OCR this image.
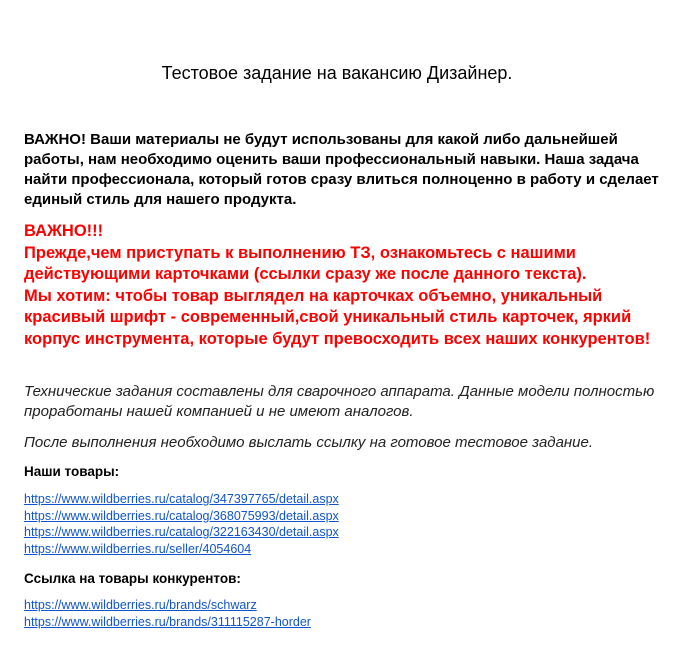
Тестовое задание на вакансию Дизайнер.

ВАЖНО! Ваши материалы не будут использованы для какой либо дальнейшей работы, нам необходимо оценить ваши профессиональный навыки. Наша задача найти профессионала, который готов сразу влиться полноценно в работу и сделает единый стиль для нашего продукта.

ВАЖНО!!!
Прежде,чем приступать к выполнению ТЗ, ознакомьтесь с нашими действующими карточками (ссылки сразу же после данного текста).
Мы хотим: чтобы товар выглядел на карточках объемно, уникальный красивый шрифт - современный,свой уникальный стиль карточек, яркий корпус инструмента, которые будут превосходить всех наших конкурентов!

Технические задания составлены для сварочного аппарата. Данные модели полностью проработаны нашей компанией и не имеют аналогов.

После выполнения необходимо выслать ссылку на готовое тестовое задание.

Наши товары:

https://www.wildberries.ru/catalog/347397765/detail.aspx
https://www.wildberries.ru/catalog/368075993/detail.aspx
https://www.wildberries.ru/catalog/322163430/detail.aspx
https://www.wildberries.ru/seller/4054604

Ссылка на товары конкурентов:

https://www.wildberries.ru/brands/schwarz
https://www.wildberries.ru/brands/311115287-horder
